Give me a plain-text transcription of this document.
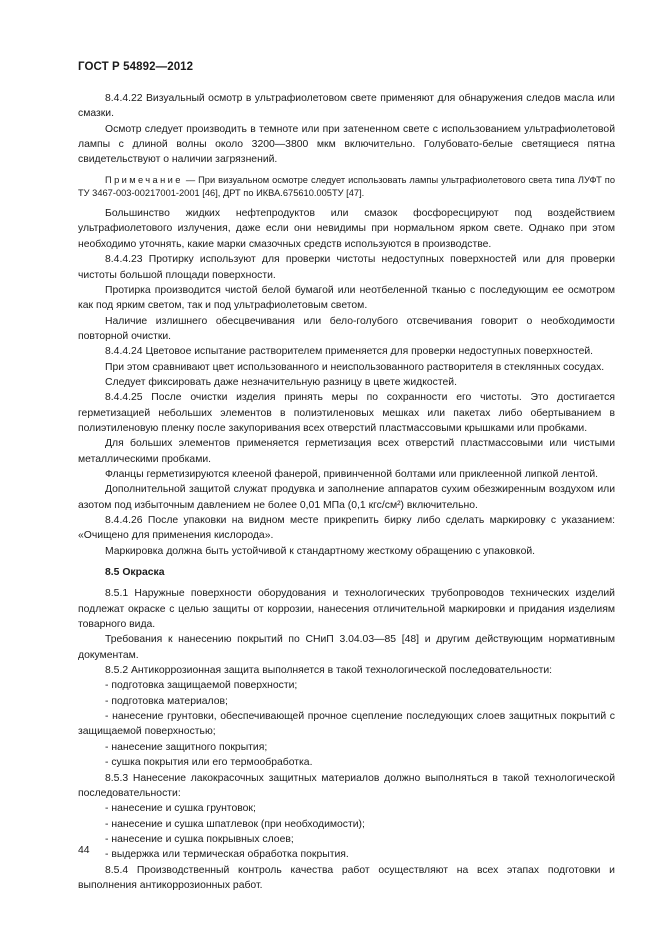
ГОСТ Р 54892—2012

8.4.4.22 Визуальный осмотр в ультрафиолетовом свете применяют для обнаружения следов масла или смазки.

Осмотр следует производить в темноте или при затененном свете с использованием ультрафиолетовой лампы с длиной волны около 3200—3800 мкм включительно. Голубовато-белые светящиеся пятна свидетельствуют о наличии загрязнений.

Примечание — При визуальном осмотре следует использовать лампы ультрафиолетового света типа ЛУФТ по ТУ 3467-003-00217001-2001 [46], ДРТ по ИКВА.675610.005ТУ [47].

Большинство жидких нефтепродуктов или смазок фосфоресцируют под воздействием ультрафиолетового излучения, даже если они невидимы при нормальном ярком свете. Однако при этом необходимо уточнять, какие марки смазочных средств используются в производстве.

8.4.4.23 Протирку используют для проверки чистоты недоступных поверхностей или для проверки чистоты большой площади поверхности.

Протирка производится чистой белой бумагой или неотбеленной тканью с последующим ее осмотром как под ярким светом, так и под ультрафиолетовым светом.

Наличие излишнего обесцвечивания или бело-голубого отсвечивания говорит о необходимости повторной очистки.

8.4.4.24 Цветовое испытание растворителем применяется для проверки недоступных поверхностей.

При этом сравнивают цвет использованного и неиспользованного растворителя в стеклянных сосудах.

Следует фиксировать даже незначительную разницу в цвете жидкостей.

8.4.4.25 После очистки изделия принять меры по сохранности его чистоты. Это достигается герметизацией небольших элементов в полиэтиленовых мешках или пакетах либо обертыванием в полиэтиленовую пленку после закупоривания всех отверстий пластмассовыми крышками или пробками.

Для больших элементов применяется герметизация всех отверстий пластмассовыми или чистыми металлическими пробками.

Фланцы герметизируются клееной фанерой, привинченной болтами или приклеенной липкой лентой.

Дополнительной защитой служат продувка и заполнение аппаратов сухим обезжиренным воздухом или азотом под избыточным давлением не более 0,01 МПа (0,1 кгс/см²) включительно.

8.4.4.26 После упаковки на видном месте прикрепить бирку либо сделать маркировку с указанием: «Очищено для применения кислорода».

Маркировка должна быть устойчивой к стандартному жесткому обращению с упаковкой.

8.5 Окраска

8.5.1 Наружные поверхности оборудования и технологических трубопроводов технических изделий подлежат окраске с целью защиты от коррозии, нанесения отличительной маркировки и придания изделиям товарного вида.

Требования к нанесению покрытий по СНиП 3.04.03—85 [48] и другим действующим нормативным документам.

8.5.2 Антикоррозионная защита выполняется в такой технологической последовательности:

- подготовка защищаемой поверхности;

- подготовка материалов;

- нанесение грунтовки, обеспечивающей прочное сцепление последующих слоев защитных покрытий с защищаемой поверхностью;

- нанесение защитного покрытия;

- сушка покрытия или его термообработка.

8.5.3 Нанесение лакокрасочных защитных материалов должно выполняться в такой технологической последовательности:

- нанесение и сушка грунтовок;

- нанесение и сушка шпатлевок (при необходимости);

- нанесение и сушка покрывных слоев;

- выдержка или термическая обработка покрытия.

8.5.4 Производственный контроль качества работ осуществляют на всех этапах подготовки и выполнения антикоррозионных работ.

44
